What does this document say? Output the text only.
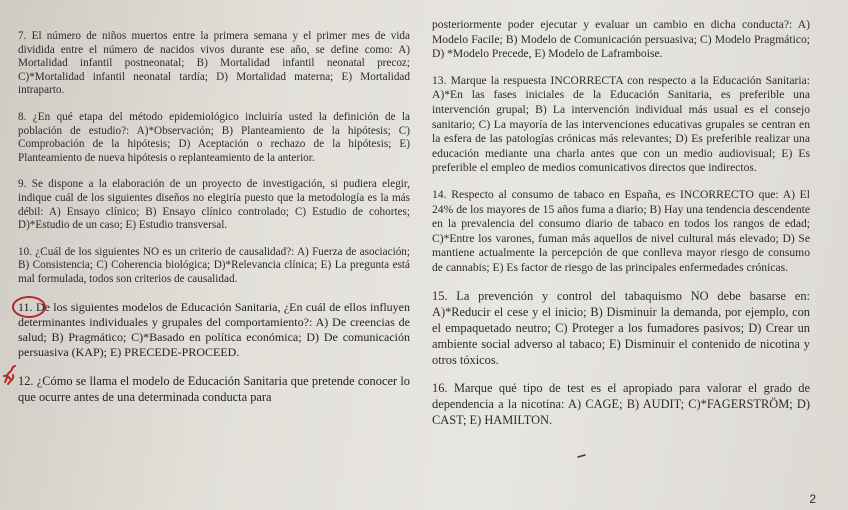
7. El número de niños muertos entre la primera semana y el primer mes de vida dividida entre el número de nacidos vivos durante ese año, se define como: A) Mortalidad infantil postneonatal; B) Mortalidad infantil neonatal precoz; C)*Mortalidad infantil neonatal tardía; D) Mortalidad materna; E) Mortalidad intraparto.

8. ¿En qué etapa del método epidemiológico incluiría usted la definición de la población de estudio?: A)*Observación; B) Planteamiento de la hipótesis; C) Comprobación de la hipótesis; D) Aceptación o rechazo de la hipótesis; E) Planteamiento de nueva hipótesis o replanteamiento de la anterior.

9. Se dispone a la elaboración de un proyecto de investigación, si pudiera elegir, indique cuál de los siguientes diseños no elegiría puesto que la metodología es la más débil: A) Ensayo clínico; B) Ensayo clínico controlado; C) Estudio de cohortes; D)*Estudio de un caso; E) Estudio transversal.

10. ¿Cuál de los siguientes NO es un criterio de causalidad?: A) Fuerza de asociación; B) Consistencia; C) Coherencia biológica; D)*Relevancia clínica; E) La pregunta está mal formulada, todos son criterios de causalidad.

11. De los siguientes modelos de Educación Sanitaria, ¿En cuál de ellos influyen determinantes individuales y grupales del comportamiento?: A) De creencias de salud; B) Pragmático; C)*Basado en política económica; D) De comunicación persuasiva (KAP); E) PRECEDE-PROCEED.

12. ¿Cómo se llama el modelo de Educación Sanitaria que pretende conocer lo que ocurre antes de una determinada conducta para

posteriormente poder ejecutar y evaluar un cambio en dicha conducta?: A) Modelo Facile; B) Modelo de Comunicación persuasiva; C) Modelo Pragmático; D) *Modelo Precede, E) Modelo de Laframboise.

13. Marque la respuesta INCORRECTA con respecto a la Educación Sanitaria: A)*En las fases iniciales de la Educación Sanitaria, es preferible una intervención grupal; B) La intervención individual más usual es el consejo sanitario; C) La mayoría de las intervenciones educativas grupales se centran en la esfera de las patologías crónicas más relevantes; D) Es preferible realizar una educación mediante una charla antes que con un medio audiovisual; E) Es preferible el empleo de medios comunicativos directos que indirectos.

14. Respecto al consumo de tabaco en España, es INCORRECTO que: A) El 24% de los mayores de 15 años fuma a diario; B) Hay una tendencia descendente en la prevalencia del consumo diario de tabaco en todos los rangos de edad; C)*Entre los varones, fuman más aquellos de nivel cultural más elevado; D) Se mantiene actualmente la percepción de que conlleva mayor riesgo de consumo de cannabis; E) Es factor de riesgo de las principales enfermedades crónicas.

15. La prevención y control del tabaquismo NO debe basarse en: A)*Reducir el cese y el inicio; B) Disminuir la demanda, por ejemplo, con el empaquetado neutro; C) Proteger a los fumadores pasivos; D) Crear un ambiente social adverso al tabaco; E) Disminuir el contenido de nicotina y otros tóxicos.

16. Marque qué tipo de test es el apropiado para valorar el grado de dependencia a la nicotina: A) CAGE; B) AUDIT; C)*FAGERSTRÖM; D) CAST; E) HAMILTON.

2
